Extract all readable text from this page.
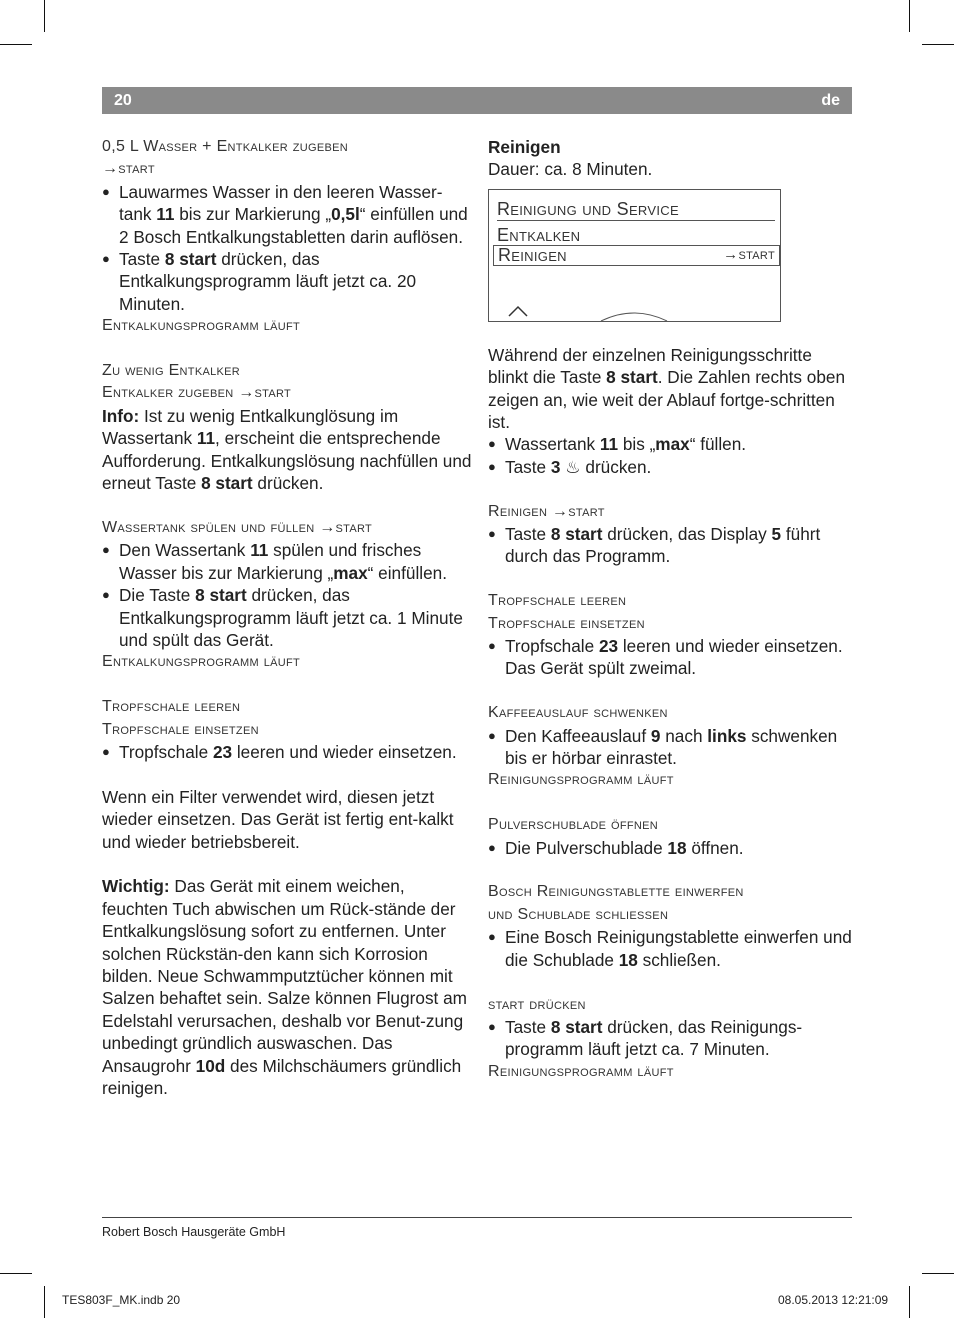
20	de

0,5 L Wasser + Entkalker zugeben

→start

● Lauwarmes Wasser in den leeren Wasser-tank 11 bis zur Markierung „0,5l“ einfüllen und 2 Bosch Entkalkungstabletten darin auflösen.

● Taste 8 start drücken, das Entkalkungsprogramm läuft jetzt ca. 20 Minuten.

Entkalkungsprogramm läuft

Zu wenig Entkalker

Entkalker zugeben →start

Info: Ist zu wenig Entkalkunglösung im Wassertank 11, erscheint die entsprechende Aufforderung. Entkalkungslösung nachfüllen und erneut Taste 8 start drücken.

Wassertank spülen und füllen →start

● Den Wassertank 11 spülen und frisches Wasser bis zur Markierung „max“ einfüllen.

● Die Taste 8 start drücken, das Entkalkungsprogramm läuft jetzt ca. 1 Minute und spült das Gerät.

Entkalkungsprogramm läuft

Tropfschale leeren

Tropfschale einsetzen

● Tropfschale 23 leeren und wieder einsetzen.

Wenn ein Filter verwendet wird, diesen jetzt wieder einsetzen. Das Gerät ist fertig ent-kalkt und wieder betriebsbereit.

Wichtig: Das Gerät mit einem weichen, feuchten Tuch abwischen um Rück-stände der Entkalkungslösung sofort zu entfernen. Unter solchen Rückstän-den kann sich Korrosion bilden. Neue Schwammputztücher können mit Salzen behaftet sein. Salze können Flugrost am Edelstahl verursachen, deshalb vor Benut-zung unbedingt gründlich auswaschen. Das Ansaugrohr 10d des Milchschäumers gründlich reinigen.

Reinigen

Dauer: ca. 8 Minuten.

Reinigung und Service
Entkalken
Reinigen	→start

Während der einzelnen Reinigungsschritte blinkt die Taste 8 start. Die Zahlen rechts oben zeigen an, wie weit der Ablauf fortge-schritten ist.

● Wassertank 11 bis „max“ füllen.

● Taste 3 ♨ drücken.

Reinigen →start

● Taste 8 start drücken, das Display 5 führt durch das Programm.

Tropfschale leeren

Tropfschale einsetzen

● Tropfschale 23 leeren und wieder einsetzen. Das Gerät spült zweimal.

Kaffeeauslauf schwenken

● Den Kaffeeauslauf 9 nach links schwenken bis er hörbar einrastet.

Reinigungsprogramm läuft

Pulverschublade öffnen

● Die Pulverschublade 18 öffnen.

Bosch Reinigungstablette einwerfen

und Schublade schliessen

● Eine Bosch Reinigungstablette einwerfen und die Schublade 18 schließen.

start drücken

● Taste 8 start drücken, das Reinigungs-programm läuft jetzt ca. 7 Minuten.

Reinigungsprogramm läuft

Robert Bosch Hausgeräte GmbH
TES803F_MK.indb 20	08.05.2013 12:21:09
